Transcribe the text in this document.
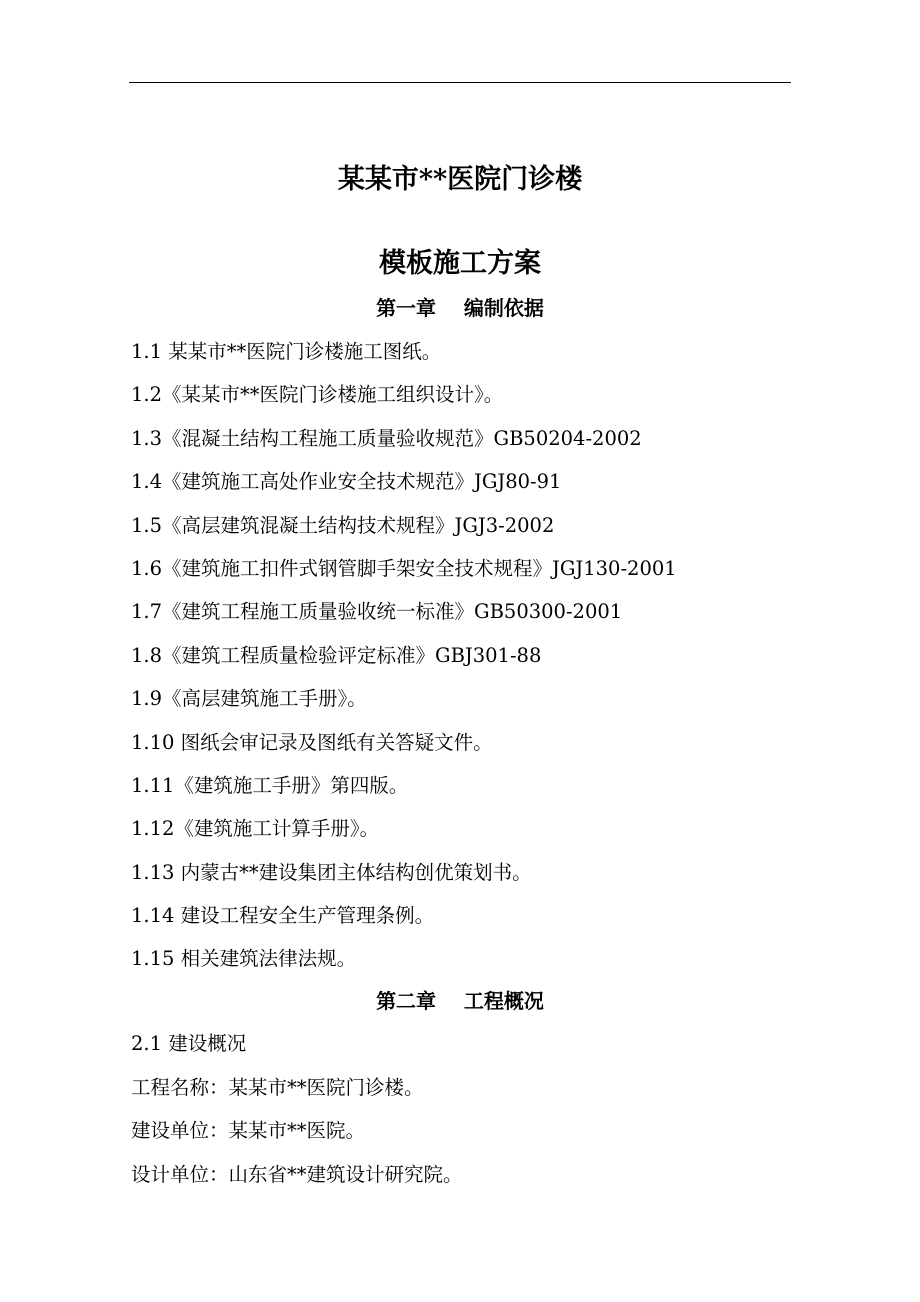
某某市**医院门诊楼
模板施工方案
第一章    编制依据
1.1 某某市**医院门诊楼施工图纸。
1.2《某某市**医院门诊楼施工组织设计》。
1.3《混凝土结构工程施工质量验收规范》GB50204-2002
1.4《建筑施工高处作业安全技术规范》JGJ80-91
1.5《高层建筑混凝土结构技术规程》JGJ3-2002
1.6《建筑施工扣件式钢管脚手架安全技术规程》JGJ130-2001
1.7《建筑工程施工质量验收统一标准》GB50300-2001
1.8《建筑工程质量检验评定标准》GBJ301-88
1.9《高层建筑施工手册》。
1.10 图纸会审记录及图纸有关答疑文件。
1.11《建筑施工手册》第四版。
1.12《建筑施工计算手册》。
1.13 内蒙古**建设集团主体结构创优策划书。
1.14 建设工程安全生产管理条例。
1.15 相关建筑法律法规。
第二章    工程概况
2.1 建设概况
工程名称：某某市**医院门诊楼。
建设单位：某某市**医院。
设计单位：山东省**建筑设计研究院。
